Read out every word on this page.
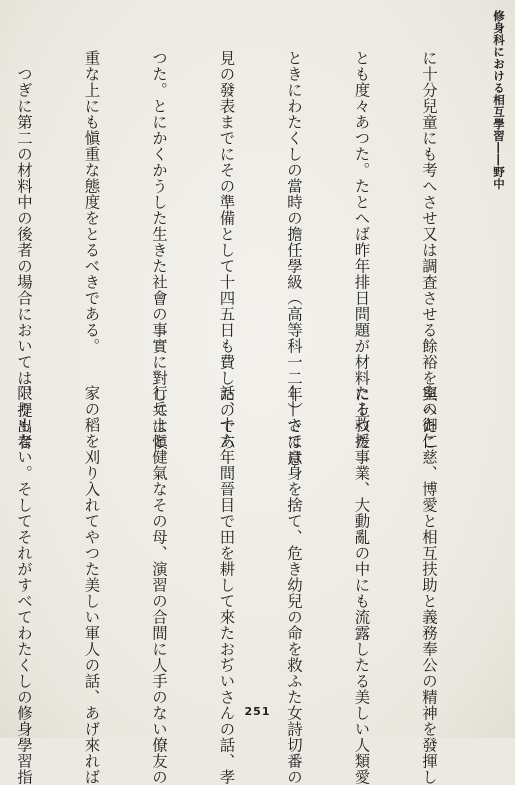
修身科における相互學習――野中

に十分兒童にも考へさせ又は調査させる餘裕を與へたこ

とも度々あつた。たとへば昨年排日問題が材料に上つた

ときにわたくしの當時の擔任學級（高等科一二年）では意

見の發表までにその準備として十四五日も費したのであ

つた。とにかくかうした生きた社會の事實に對しては愼

重な上にも愼重な態度をとるべきである。

　つぎに第二の材料中の後者の場合においては、提出者

室の御仁慈、博愛と相互扶助と義務奉公の精神を發揮し

たる救援事業、大動亂の中にも流露したる美しい人類愛

――さては身を捨て、危き幼兒の命を救ふた女詩切番の

話、十六年間晉目で田を耕して來たおぢいさんの話、孝

行兵士と健氣なその母、演習の合間に人手のない僚友の

家の稻を刈り入れてやつた美しい軍人の話、あげ來れば

限りもない。そしてそれがすべてわたくしの修身學習指

	251
